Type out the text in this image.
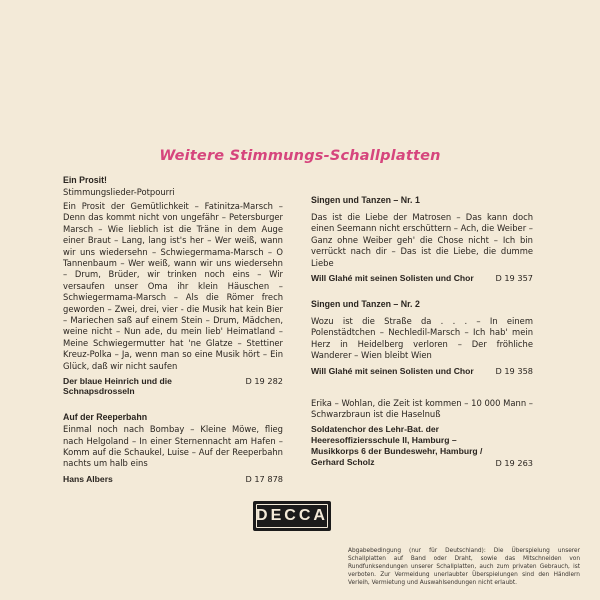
Weitere Stimmungs-Schallplatten
Ein Prosit!
Stimmungslieder-Potpourri
Ein Prosit der Gemütlichkeit – Fatinitza-Marsch – Denn das kommt nicht von ungefähr – Petersburger Marsch – Wie lieblich ist die Träne in dem Auge einer Braut – Lang, lang ist's her – Wer weiß, wann wir uns wiedersehn – Schwiegermama-Marsch – O Tannenbaum – Wer weiß, wann wir uns wiedersehn – Drum, Brüder, wir trinken noch eins – Wir versaufen unser Oma ihr klein Häuschen – Schwiegermama-Marsch – Als die Römer frech geworden – Zwei, drei, vier - die Musik hat kein Bier – Mariechen saß auf einem Stein – Drum, Mädchen, weine nicht – Nun ade, du mein lieb' Heimatland – Meine Schwiegermutter hat 'ne Glatze – Stettiner Kreuz-Polka – Ja, wenn man so eine Musik hört – Ein Glück, daß wir nicht saufen
Der blaue Heinrich und die Schnapsdrosseln
D 19 282
Auf der Reeperbahn
Einmal noch nach Bombay – Kleine Möwe, flieg nach Helgoland – In einer Sternennacht am Hafen – Komm auf die Schaukel, Luise – Auf der Reeperbahn nachts um halb eins
Hans Albers	D 17 878
Singen und Tanzen – Nr. 1
Das ist die Liebe der Matrosen – Das kann doch einen Seemann nicht erschüttern – Ach, die Weiber – Ganz ohne Weiber geh' die Chose nicht – Ich bin verrückt nach dir – Das ist die Liebe, die dumme Liebe
Will Glahé mit seinen Solisten und Chor	D 19 357
Singen und Tanzen – Nr. 2
Wozu ist die Straße da . . . – In einem Polenstädtchen – Nechledil-Marsch – Ich hab' mein Herz in Heidelberg verloren – Der fröhliche Wanderer – Wien bleibt Wien
Will Glahé mit seinen Solisten und Chor	D 19 358
Erika – Wohlan, die Zeit ist kommen – 10 000 Mann – Schwarzbraun ist die Haselnuß
Soldatenchor des Lehr-Bat. der Heeresoffiziersschule II, Hamburg – Musikkorps 6 der Bundeswehr, Hamburg / Gerhard Scholz	D 19 263
DECCA
Abgabebedingung (nur für Deutschland): Die Überspielung unserer Schallplatten auf Band oder Draht, sowie das Mitschneiden von Rundfunksendungen unserer Schallplatten, auch zum privaten Gebrauch, ist verboten. Zur Vermeidung unerlaubter Überspielungen sind den Händlern Verleih, Vermietung und Auswahlsendungen nicht erlaubt.
